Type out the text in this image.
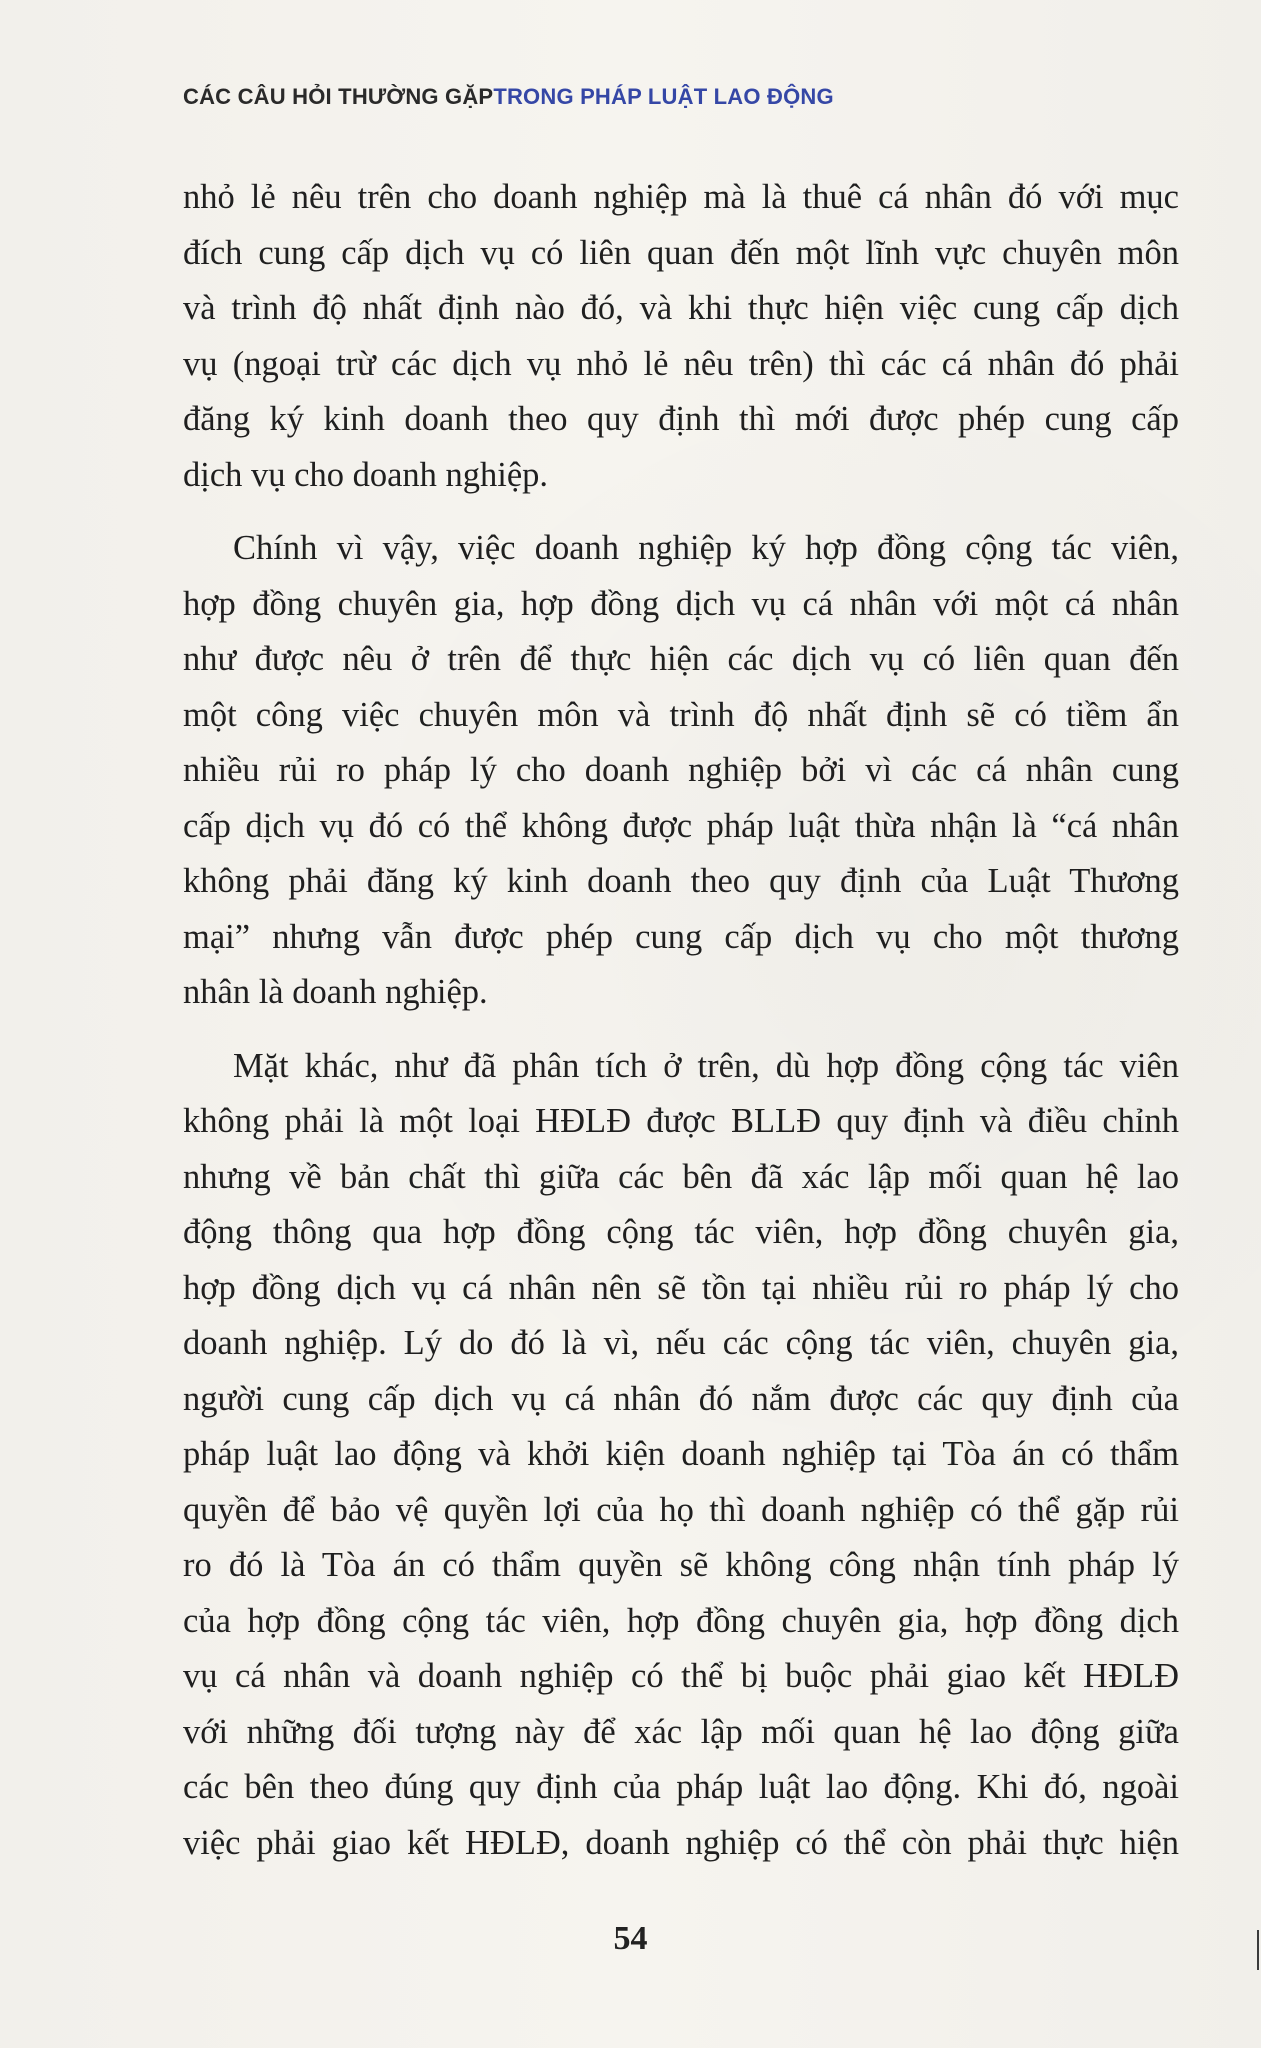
CÁC CÂU HỎI THƯỜNG GẶPTRONG PHÁP LUẬT LAO ĐỘNG

nhỏ lẻ nêu trên cho doanh nghiệp mà là thuê cá nhân đó với mục
đích cung cấp dịch vụ có liên quan đến một lĩnh vực chuyên môn
và trình độ nhất định nào đó, và khi thực hiện việc cung cấp dịch
vụ (ngoại trừ các dịch vụ nhỏ lẻ nêu trên) thì các cá nhân đó phải
đăng ký kinh doanh theo quy định thì mới được phép cung cấp
dịch vụ cho doanh nghiệp.

Chính vì vậy, việc doanh nghiệp ký hợp đồng cộng tác viên,
hợp đồng chuyên gia, hợp đồng dịch vụ cá nhân với một cá nhân
như được nêu ở trên để thực hiện các dịch vụ có liên quan đến
một công việc chuyên môn và trình độ nhất định sẽ có tiềm ẩn
nhiều rủi ro pháp lý cho doanh nghiệp bởi vì các cá nhân cung
cấp dịch vụ đó có thể không được pháp luật thừa nhận là “cá nhân
không phải đăng ký kinh doanh theo quy định của Luật Thương
mại” nhưng vẫn được phép cung cấp dịch vụ cho một thương
nhân là doanh nghiệp.

Mặt khác, như đã phân tích ở trên, dù hợp đồng cộng tác viên
không phải là một loại HĐLĐ được BLLĐ quy định và điều chỉnh
nhưng về bản chất thì giữa các bên đã xác lập mối quan hệ lao
động thông qua hợp đồng cộng tác viên, hợp đồng chuyên gia,
hợp đồng dịch vụ cá nhân nên sẽ tồn tại nhiều rủi ro pháp lý cho
doanh nghiệp. Lý do đó là vì, nếu các cộng tác viên, chuyên gia,
người cung cấp dịch vụ cá nhân đó nắm được các quy định của
pháp luật lao động và khởi kiện doanh nghiệp tại Tòa án có thẩm
quyền để bảo vệ quyền lợi của họ thì doanh nghiệp có thể gặp rủi
ro đó là Tòa án có thẩm quyền sẽ không công nhận tính pháp lý
của hợp đồng cộng tác viên, hợp đồng chuyên gia, hợp đồng dịch
vụ cá nhân và doanh nghiệp có thể bị buộc phải giao kết HĐLĐ
với những đối tượng này để xác lập mối quan hệ lao động giữa
các bên theo đúng quy định của pháp luật lao động. Khi đó, ngoài
việc phải giao kết HĐLĐ, doanh nghiệp có thể còn phải thực hiện

54
